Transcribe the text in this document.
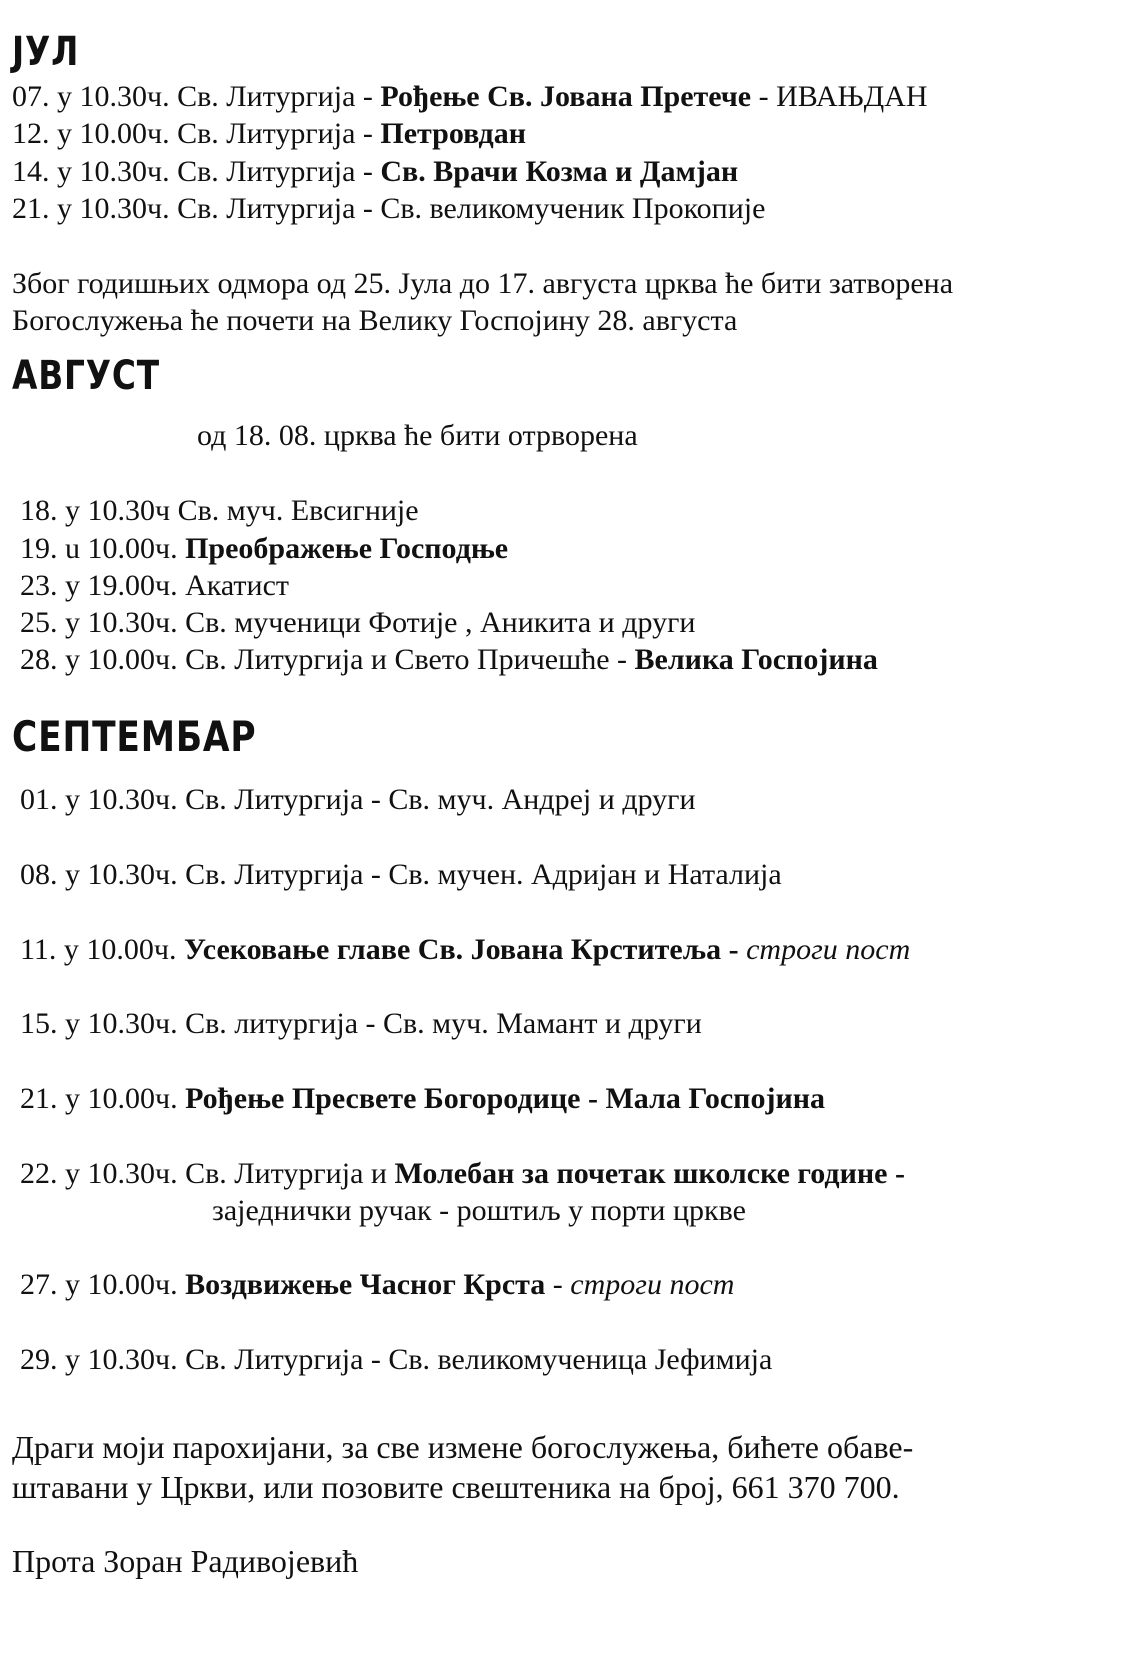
ЈУЛ
07. у 10.30ч. Св. Литургија - Рођење Св. Јована Претече - ИВАЊДАН
12. у 10.00ч. Св. Литургија - Петровдан
14. у 10.30ч. Св. Литургија - Св. Врачи Козма и Дамјан
21. у 10.30ч. Св. Литургија - Св. великомученик Прокопије
Због годишњих одмора од 25. Јула до 17. августа црква ће бити затворена
Богослужења ће почети на Велику Госпојину 28. августа
АВГУСТ
од 18. 08. црква ће бити отрворена
18. у 10.30ч Св. муч. Евсигније
19. u 10.00ч. Преображење Господње
23. у 19.00ч. Акатист
25. у 10.30ч. Св. мученици Фотије , Аникита и други
28. у 10.00ч. Св. Литургија и Свето Причешће - Велика Госпојина
СЕПТЕМБАР
01. у 10.30ч. Св. Литургија - Св. муч. Андреј и други
08. у 10.30ч. Св. Литургија - Св. мучен. Адријан и Наталија
11. у 10.00ч. Усековање главе Св. Јована Крститеља - строги пост
15. у 10.30ч. Св. литургија - Св. муч. Мамант и други
21. у 10.00ч. Рођење Пресвете Богородице - Мала Госпојина
22. у 10.30ч. Св. Литургија и Молебан за почетак школске године -
заједнички ручак - роштиљ у порти цркве
27. у 10.00ч. Воздвижење Часног Крста - строги пост
29. у 10.30ч. Св. Литургија - Св. великомученица Јефимија
Драги моји парохијани, за све измене богослужења, бићете обаве-
штавани у Цркви, или позовите свештеника на број, 661 370 700.
Прота Зоран Радивојевић
